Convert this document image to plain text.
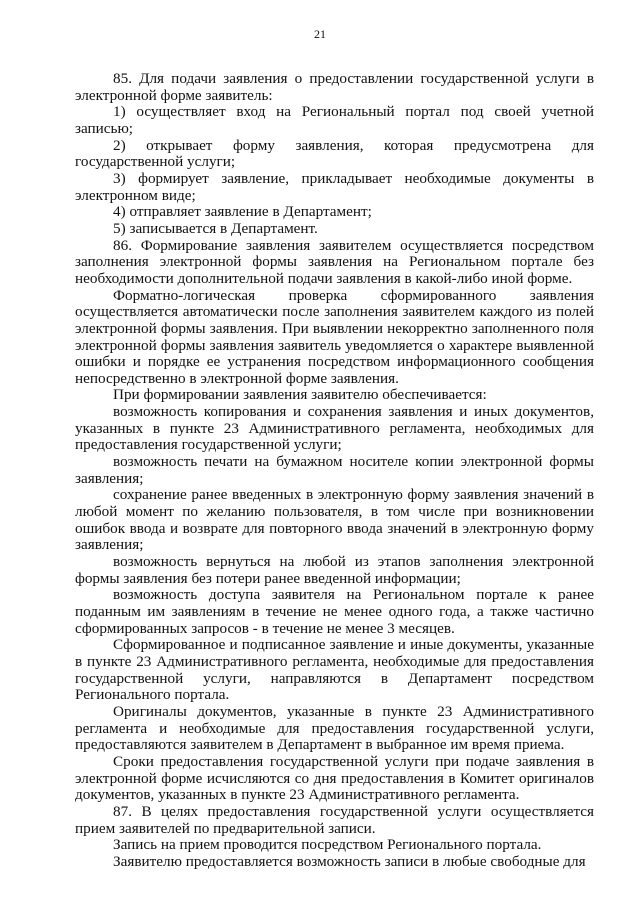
21

85. Для подачи заявления о предоставлении государственной услуги в электронной форме заявитель:

1) осуществляет вход на Региональный портал под своей учетной записью;

2) открывает форму заявления, которая предусмотрена для государственной услуги;

3) формирует заявление, прикладывает необходимые документы в электронном виде;

4) отправляет заявление в Департамент;

5) записывается в Департамент.

86. Формирование заявления заявителем осуществляется посредством заполнения электронной формы заявления на Региональном портале без необходимости дополнительной подачи заявления в какой-либо иной форме.

Форматно-логическая проверка сформированного заявления осуществляется автоматически после заполнения заявителем каждого из полей электронной формы заявления. При выявлении некорректно заполненного поля электронной формы заявления заявитель уведомляется о характере выявленной ошибки и порядке ее устранения посредством информационного сообщения непосредственно в электронной форме заявления.

При формировании заявления заявителю обеспечивается:

возможность копирования и сохранения заявления и иных документов, указанных в пункте 23 Административного регламента, необходимых для предоставления государственной услуги;

возможность печати на бумажном носителе копии электронной формы заявления;

сохранение ранее введенных в электронную форму заявления значений в любой момент по желанию пользователя, в том числе при возникновении ошибок ввода и возврате для повторного ввода значений в электронную форму заявления;

возможность вернуться на любой из этапов заполнения электронной формы заявления без потери ранее введенной информации;

возможность доступа заявителя на Региональном портале к ранее поданным им заявлениям в течение не менее одного года, а также частично сформированных запросов - в течение не менее 3 месяцев.

Сформированное и подписанное заявление и иные документы, указанные в пункте 23 Административного регламента, необходимые для предоставления государственной услуги, направляются в Департамент посредством Регионального портала.

Оригиналы документов, указанные в пункте 23 Административного регламента и необходимые для предоставления государственной услуги, предоставляются заявителем в Департамент в выбранное им время приема.

Сроки предоставления государственной услуги при подаче заявления в электронной форме исчисляются со дня предоставления в Комитет оригиналов документов, указанных в пункте 23 Административного регламента.

87. В целях предоставления государственной услуги осуществляется прием заявителей по предварительной записи.

Запись на прием проводится посредством Регионального портала.

Заявителю предоставляется возможность записи в любые свободные для
